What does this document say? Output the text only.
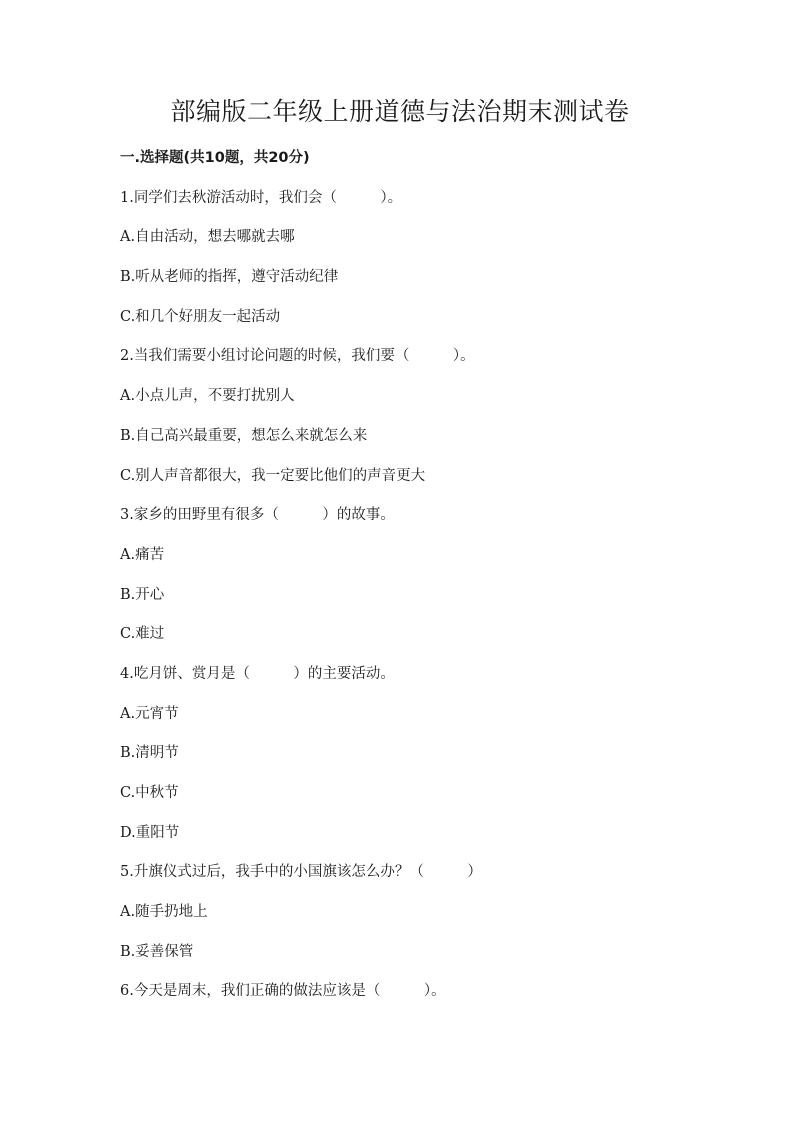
部编版二年级上册道德与法治期末测试卷
一.选择题(共10题，共20分)
1.同学们去秋游活动时，我们会（　　　）。
A.自由活动，想去哪就去哪
B.听从老师的指挥，遵守活动纪律
C.和几个好朋友一起活动
2.当我们需要小组讨论问题的时候，我们要（　　　）。
A.小点儿声，不要打扰别人
B.自己高兴最重要，想怎么来就怎么来
C.别人声音都很大，我一定要比他们的声音更大
3.家乡的田野里有很多（　　　）的故事。
A.痛苦
B.开心
C.难过
4.吃月饼、赏月是（　　　）的主要活动。
A.元宵节
B.清明节
C.中秋节
D.重阳节
5.升旗仪式过后，我手中的小国旗该怎么办？（　　　）
A.随手扔地上
B.妥善保管
6.今天是周末，我们正确的做法应该是（　　　）。
